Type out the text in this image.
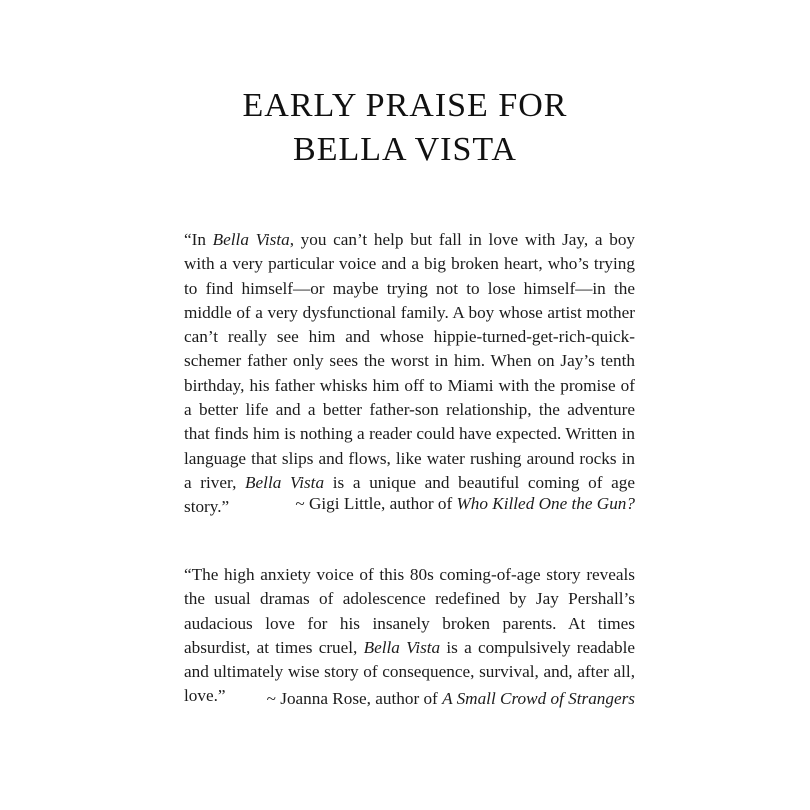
EARLY PRAISE FOR
BELLA VISTA

“In Bella Vista, you can’t help but fall in love with Jay, a boy with a very particular voice and a big broken heart, who’s trying to find himself—or maybe trying not to lose himself—in the middle of a very dysfunctional family. A boy whose artist mother can’t really see him and whose hippie-turned-get-rich-quick-schemer father only sees the worst in him. When on Jay’s tenth birthday, his father whisks him off to Miami with the promise of a better life and a better father-son relationship, the adventure that finds him is nothing a reader could have expected. Written in language that slips and flows, like water rushing around rocks in a river, Bella Vista is a unique and beautiful coming of age story.”	~ Gigi Little, author of Who Killed One the Gun?

“The high anxiety voice of this 80s coming-of-age story reveals the usual dramas of adolescence redefined by Jay Pershall’s audacious love for his insanely broken parents. At times absurdist, at times cruel, Bella Vista is a compulsively readable and ultimately wise story of consequence, survival, and, after all, love.”	~ Joanna Rose, author of A Small Crowd of Strangers
